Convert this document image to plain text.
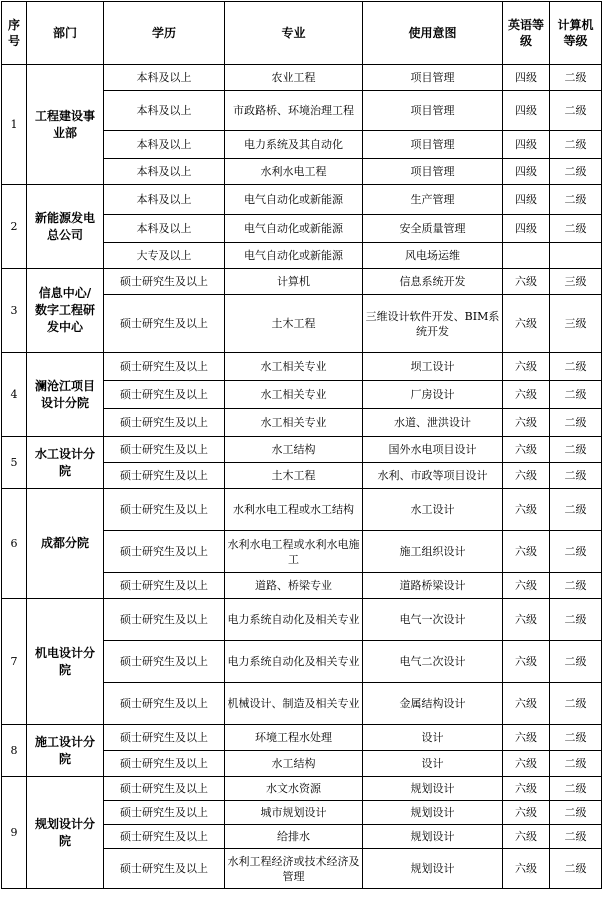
序号	部门	学历	专业	使用意图	英语等级	计算机等级
1	工程建设事业部	本科及以上	农业工程	项目管理	四级	二级
		本科及以上	市政路桥、环境治理工程	项目管理	四级	二级
		本科及以上	电力系统及其自动化	项目管理	四级	二级
		本科及以上	水利水电工程	项目管理	四级	二级
2	新能源发电总公司	本科及以上	电气自动化或新能源	生产管理	四级	二级
		本科及以上	电气自动化或新能源	安全质量管理	四级	二级
		大专及以上	电气自动化或新能源	风电场运维		
3	信息中心/数字工程研发中心	硕士研究生及以上	计算机	信息系统开发	六级	三级
		硕士研究生及以上	土木工程	三维设计软件开发、BIM系统开发	六级	三级
4	澜沧江项目设计分院	硕士研究生及以上	水工相关专业	坝工设计	六级	二级
		硕士研究生及以上	水工相关专业	厂房设计	六级	二级
		硕士研究生及以上	水工相关专业	水道、泄洪设计	六级	二级
5	水工设计分院	硕士研究生及以上	水工结构	国外水电项目设计	六级	二级
		硕士研究生及以上	土木工程	水利、市政等项目设计	六级	二级
6	成都分院	硕士研究生及以上	水利水电工程或水工结构	水工设计	六级	二级
		硕士研究生及以上	水利水电工程或水利水电施工	施工组织设计	六级	二级
		硕士研究生及以上	道路、桥梁专业	道路桥梁设计	六级	二级
7	机电设计分院	硕士研究生及以上	电力系统自动化及相关专业	电气一次设计	六级	二级
		硕士研究生及以上	电力系统自动化及相关专业	电气二次设计	六级	二级
		硕士研究生及以上	机械设计、制造及相关专业	金属结构设计	六级	二级
8	施工设计分院	硕士研究生及以上	环境工程水处理	设计	六级	二级
		硕士研究生及以上	水工结构	设计	六级	二级
9	规划设计分院	硕士研究生及以上	水文水资源	规划设计	六级	二级
		硕士研究生及以上	城市规划设计	规划设计	六级	二级
		硕士研究生及以上	给排水	规划设计	六级	二级
		硕士研究生及以上	水利工程经济或技术经济及管理	规划设计	六级	二级
